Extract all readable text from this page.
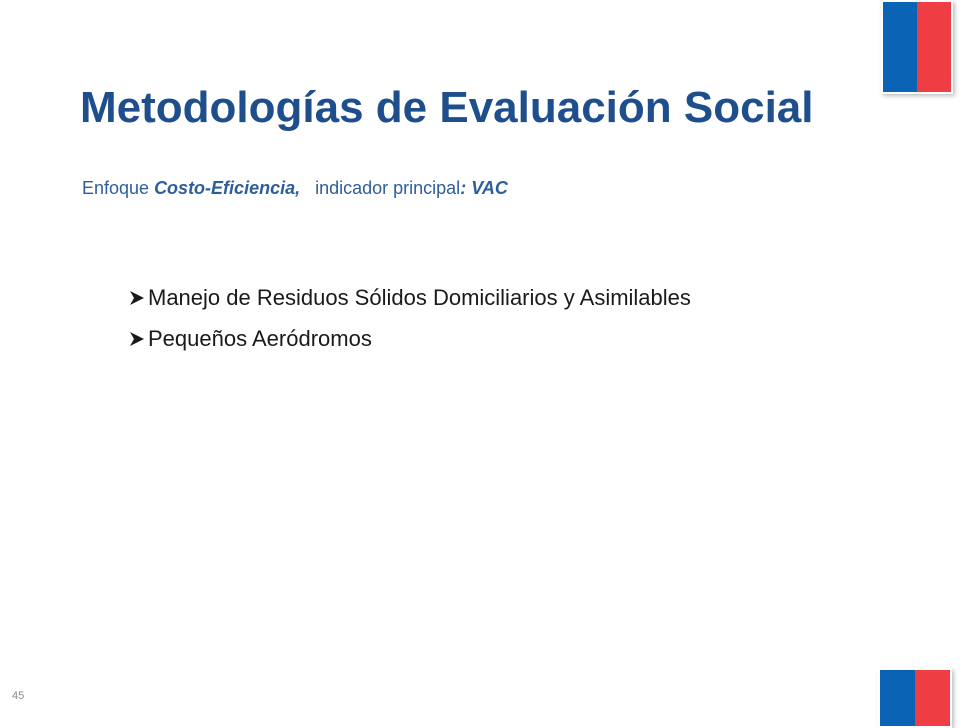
Metodologías de Evaluación Social

Enfoque Costo-Eficiencia,   indicador principal: VAC

Manejo de Residuos Sólidos Domiciliarios y Asimilables
Pequeños Aeródromos
45
